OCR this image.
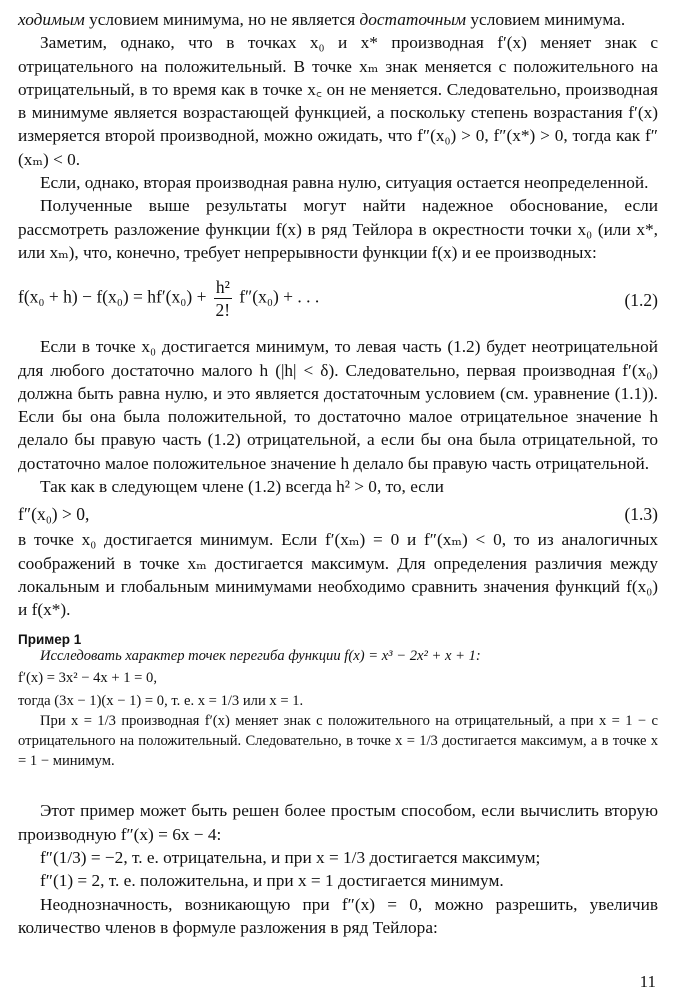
ходимым условием минимума, но не является достаточным условием минимума.

Заметим, однако, что в точках x₀ и x* производная f′(x) меняет знак с отрицательного на положительный. В точке xₘ знак меняется с положительного на отрицательный, в то время как в точке x꜀ он не меняется. Следовательно, производная в минимуме является возрастающей функцией, а поскольку степень возрастания f′(x) измеряется второй производной, можно ожидать, что f″(x₀) > 0, f″(x*) > 0, тогда как f″(xₘ) < 0.

Если, однако, вторая производная равна нулю, ситуация остается неопределенной.

Полученные выше результаты могут найти надежное обоснование, если рассмотреть разложение функции f(x) в ряд Тейлора в окрестности точки x₀ (или x*, или xₘ), что, конечно, требует непрерывности функции f(x) и ее производных:

$f(x_0 + h) - f(x_0) = hf'(x_0) + \frac{\text{h²}}{2!} f''(x_0)$ + . . .	(1.2)

Если в точке x₀ достигается минимум, то левая часть (1.2) будет неотрицательной для любого достаточно малого h (|h| < δ). Следовательно, первая производная f′(x₀) должна быть равна нулю, и это является достаточным условием (см. уравнение (1.1)). Если бы она была положительной, то достаточно малое отрицательное значение h делало бы правую часть (1.2) отрицательной, а если бы она была отрицательной, то достаточно малое положительное значение h делало бы правую часть отрицательной.

Так как в следующем члене (1.2) всегда h² > 0, то, если

f″(x₀) > 0,	(1.3)

в точке x₀ достигается минимум. Если f′(xₘ) = 0 и f″(xₘ) < 0, то из аналогичных соображений в точке xₘ достигается максимум. Для определения различия между локальным и глобальным минимумами необходимо сравнить значения функций f(x₀) и f(x*).

Пример 1

Исследовать характер точек перегиба функции f(x) = x³ − 2x² + x + 1:

f′(x) = 3x² − 4x + 1 = 0,

тогда (3x − 1)(x − 1) = 0, т. е. x = 1/3 или x = 1.

При x = 1/3 производная f′(x) меняет знак с положительного на отрицательный, а при x = 1 − с отрицательного на положительный. Следовательно, в точке x = 1/3 достигается максимум, а в точке x = 1 − минимум.

Этот пример может быть решен более простым способом, если вычислить вторую производную f″(x) = 6x − 4:

f″(1/3) = −2, т. е. отрицательна, и при x = 1/3 достигается максимум;

f″(1) = 2, т. е. положительна, и при x = 1 достигается минимум.

Неоднозначность, возникающую при f″(x) = 0, можно разрешить, увеличив количество членов в формуле разложения в ряд Тейлора:

11
